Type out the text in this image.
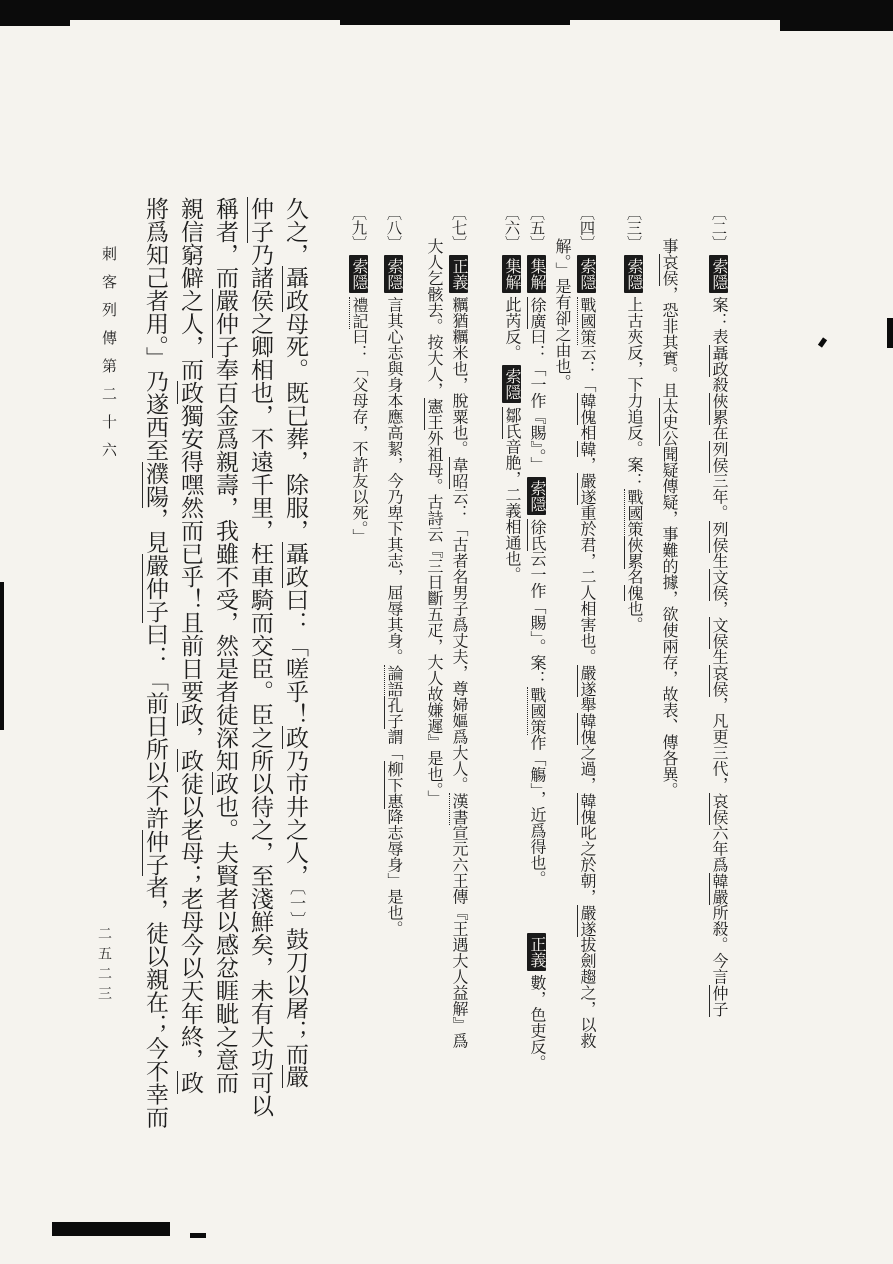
刺客列傳第二十六
二五二三
〔二〕索隱案：表聶政殺俠累在列侯三年。列侯生文侯，文侯生哀侯，凡更三代，哀侯六年爲韓嚴所殺。今言仲子
事哀侯，恐非其實。且太史公聞疑傳疑，事難的據，欲使兩存，故表、傳各異。
〔三〕索隱上古夾反，下力追反。案：戰國策俠累名傀也。
〔四〕索隱戰國策云：「韓傀相韓，嚴遂重於君，二人相害也。嚴遂舉韓傀之過，韓傀叱之於朝，嚴遂拔劍趨之，以救
解。」是有卻之由也。
〔五〕集解徐廣曰：「一作『賜』。」索隱徐氏云一作「賜」。案：戰國策作「觴」，近爲得也。正義數，色吏反。
〔六〕集解此芮反。索隱鄒氏音脃，二義相通也。
〔七〕正義糲猶糲米也，脫粟也。韋昭云：「古者名男子爲丈夫，尊婦嫗爲大人。漢書宣元六王傳『王遇大人益解』爲
大人乞骸去。按大人，憲王外祖母。古詩云『三日斷五疋，大人故嫌遲』是也。」
〔八〕索隱言其心志與身本應高絜，今乃卑下其志，屈辱其身。論語孔子謂「柳下惠降志辱身」是也。
〔九〕索隱禮記曰：「父母存，不許友以死。」
久之，聶政母死。既已葬，除服，聶政曰：「嗟乎！政乃市井之人，〔一〕鼓刀以屠；而嚴
仲子乃諸侯之卿相也，不遠千里，枉車騎而交臣。臣之所以待之，至淺鮮矣，未有大功可以
稱者，而嚴仲子奉百金爲親壽，我雖不受，然是者徒深知政也。夫賢者以感忿睚眦之意而
親信窮僻之人，而政獨安得嘿然而已乎！且前日要政，政徒以老母；老母今以天年終，政
將爲知己者用。」乃遂西至濮陽，見嚴仲子曰：「前日所以不許仲子者，徒以親在；今不幸而
